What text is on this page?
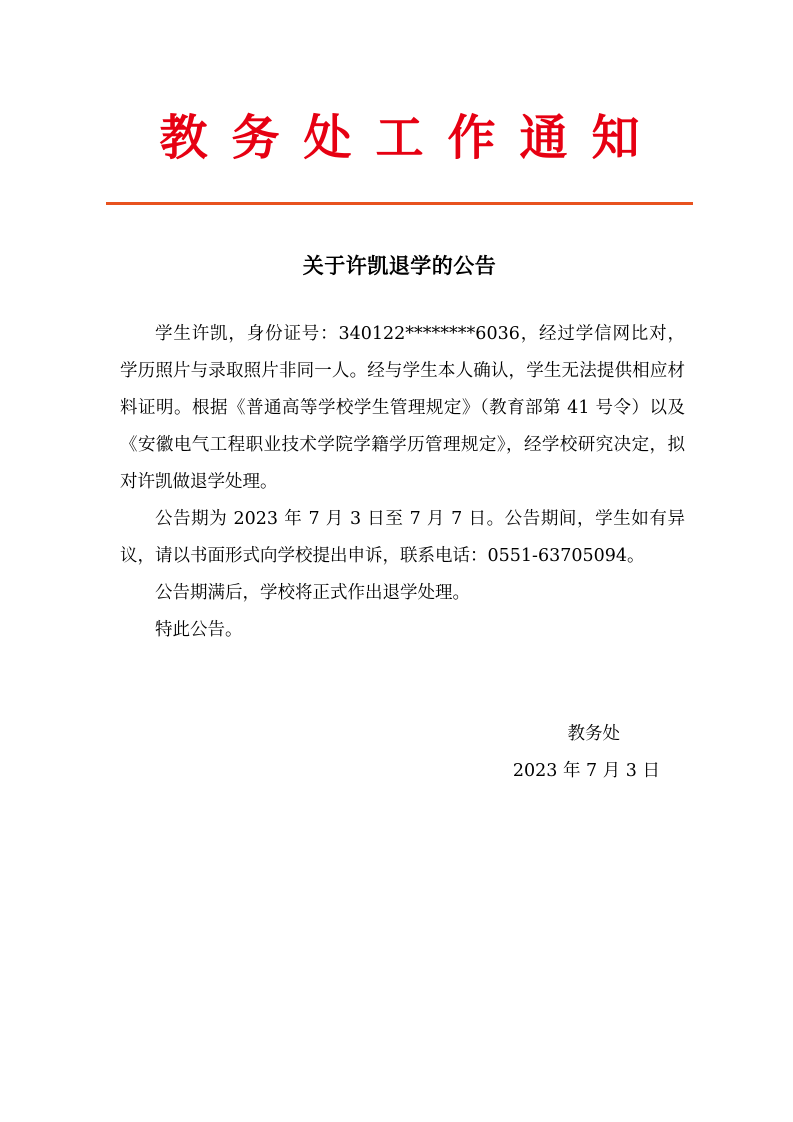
教务处工作通知
关于许凯退学的公告

学生许凯，身份证号：340122********6036，经过学信网比对，学历照片与录取照片非同一人。经与学生本人确认，学生无法提供相应材料证明。根据《普通高等学校学生管理规定》（教育部第 41 号令）以及《安徽电气工程职业技术学院学籍学历管理规定》，经学校研究决定，拟对许凯做退学处理。

公告期为 2023 年 7 月 3 日至 7 月 7 日。公告期间，学生如有异议，请以书面形式向学校提出申诉，联系电话：0551-63705094。

公告期满后，学校将正式作出退学处理。

特此公告。

教务处
2023 年 7 月 3 日
